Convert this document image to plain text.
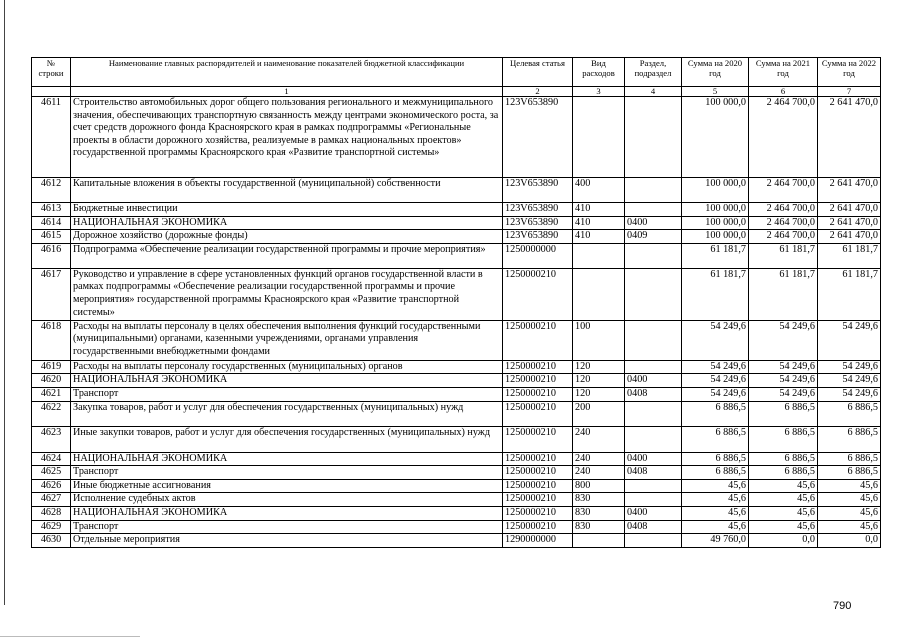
№ строки	Наименование главных распорядителей и наименование показателей бюджетной классификации	Целевая статья	Вид расходов	Раздел, подраздел	Сумма на 2020 год	Сумма на 2021 год	Сумма на 2022 год
	1	2	3	4	5	6	7
4611	Строительство автомобильных дорог общего пользования регионального и межмуниципального значения, обеспечивающих транспортную связанность между центрами экономического роста, за счет средств дорожного фонда Красноярского края в рамках подпрограммы «Региональные проекты в области дорожного хозяйства, реализуемые в рамках национальных проектов» государственной программы Красноярского края «Развитие транспортной системы»	123V653890			100 000,0	2 464 700,0	2 641 470,0
4612	Капитальные вложения в объекты государственной (муниципальной) собственности	123V653890	400		100 000,0	2 464 700,0	2 641 470,0
4613	Бюджетные инвестиции	123V653890	410		100 000,0	2 464 700,0	2 641 470,0
4614	НАЦИОНАЛЬНАЯ ЭКОНОМИКА	123V653890	410	0400	100 000,0	2 464 700,0	2 641 470,0
4615	Дорожное хозяйство (дорожные фонды)	123V653890	410	0409	100 000,0	2 464 700,0	2 641 470,0
4616	Подпрограмма «Обеспечение реализации государственной программы и прочие мероприятия»	1250000000			61 181,7	61 181,7	61 181,7
4617	Руководство и управление в сфере установленных функций органов государственной власти в рамках подпрограммы «Обеспечение реализации государственной программы и прочие мероприятия» государственной программы Красноярского края «Развитие транспортной системы»	1250000210			61 181,7	61 181,7	61 181,7
4618	Расходы на выплаты персоналу в целях обеспечения выполнения функций государственными (муниципальными) органами, казенными учреждениями, органами управления государственными внебюджетными фондами	1250000210	100		54 249,6	54 249,6	54 249,6
4619	Расходы на выплаты персоналу государственных (муниципальных) органов	1250000210	120		54 249,6	54 249,6	54 249,6
4620	НАЦИОНАЛЬНАЯ ЭКОНОМИКА	1250000210	120	0400	54 249,6	54 249,6	54 249,6
4621	Транспорт	1250000210	120	0408	54 249,6	54 249,6	54 249,6
4622	Закупка товаров, работ и услуг для обеспечения государственных (муниципальных) нужд	1250000210	200		6 886,5	6 886,5	6 886,5
4623	Иные закупки товаров, работ и услуг для обеспечения государственных (муниципальных) нужд	1250000210	240		6 886,5	6 886,5	6 886,5
4624	НАЦИОНАЛЬНАЯ ЭКОНОМИКА	1250000210	240	0400	6 886,5	6 886,5	6 886,5
4625	Транспорт	1250000210	240	0408	6 886,5	6 886,5	6 886,5
4626	Иные бюджетные ассигнования	1250000210	800		45,6	45,6	45,6
4627	Исполнение судебных актов	1250000210	830		45,6	45,6	45,6
4628	НАЦИОНАЛЬНАЯ ЭКОНОМИКА	1250000210	830	0400	45,6	45,6	45,6
4629	Транспорт	1250000210	830	0408	45,6	45,6	45,6
4630	Отдельные мероприятия	1290000000			49 760,0	0,0	0,0
790
